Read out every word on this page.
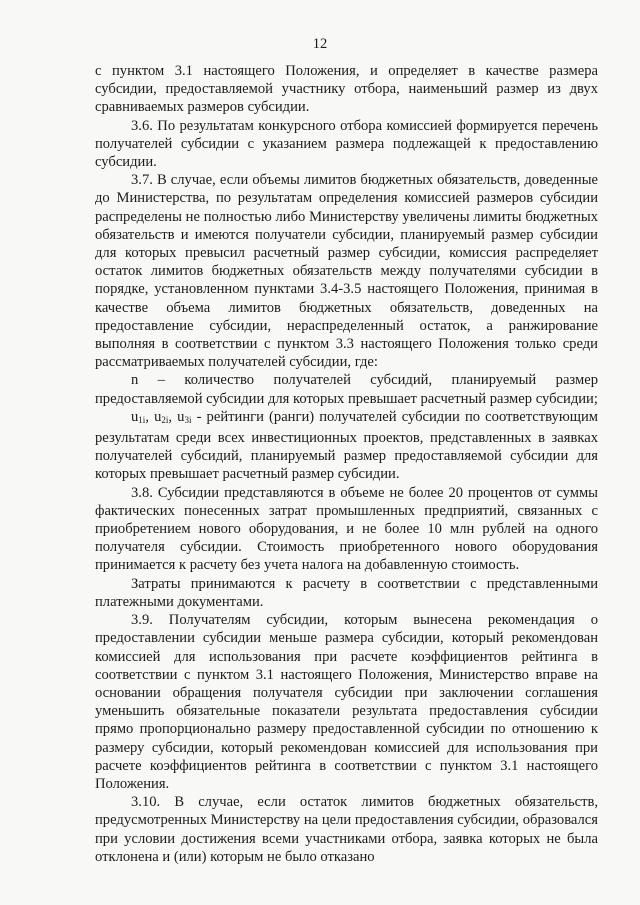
12

с пунктом 3.1 настоящего Положения, и определяет в качестве размера субсидии, предоставляемой участнику отбора, наименьший размер из двух сравниваемых размеров субсидии.

3.6. По результатам конкурсного отбора комиссией формируется перечень получателей субсидии с указанием размера подлежащей к предоставлению субсидии.

3.7. В случае, если объемы лимитов бюджетных обязательств, доведенные до Министерства, по результатам определения комиссией размеров субсидии распределены не полностью либо Министерству увеличены лимиты бюджетных обязательств и имеются получатели субсидии, планируемый размер субсидии для которых превысил расчетный размер субсидии, комиссия распределяет остаток лимитов бюджетных обязательств между получателями субсидии в порядке, установленном пунктами 3.4-3.5 настоящего Положения, принимая в качестве объема лимитов бюджетных обязательств, доведенных на предоставление субсидии, нераспределенный остаток, а ранжирование выполняя в соответствии с пунктом 3.3 настоящего Положения только среди рассматриваемых получателей субсидии, где:

n – количество получателей субсидий, планируемый размер предоставляемой субсидии для которых превышает расчетный размер субсидии;

$u_{1i}$, $u_{2i}$, $u_{3i}$ - рейтинги (ранги) получателей субсидии по соответствующим результатам среди всех инвестиционных проектов, представленных в заявках получателей субсидий, планируемый размер предоставляемой субсидии для которых превышает расчетный размер субсидии.

3.8. Субсидии представляются в объеме не более 20 процентов от суммы фактических понесенных затрат промышленных предприятий, связанных с приобретением нового оборудования, и не более 10 млн рублей на одного получателя субсидии. Стоимость приобретенного нового оборудования принимается к расчету без учета налога на добавленную стоимость.

Затраты принимаются к расчету в соответствии с представленными платежными документами.

3.9. Получателям субсидии, которым вынесена рекомендация о предоставлении субсидии меньше размера субсидии, который рекомендован комиссией для использования при расчете коэффициентов рейтинга в соответствии с пунктом 3.1 настоящего Положения, Министерство вправе на основании обращения получателя субсидии при заключении соглашения уменьшить обязательные показатели результата предоставления субсидии прямо пропорционально размеру предоставленной субсидии по отношению к размеру субсидии, который рекомендован комиссией для использования при расчете коэффициентов рейтинга в соответствии с пунктом 3.1 настоящего Положения.

3.10. В случае, если остаток лимитов бюджетных обязательств, предусмотренных Министерству на цели предоставления субсидии, образовался при условии достижения всеми участниками отбора, заявка которых не была отклонена и (или) которым не было отказано
